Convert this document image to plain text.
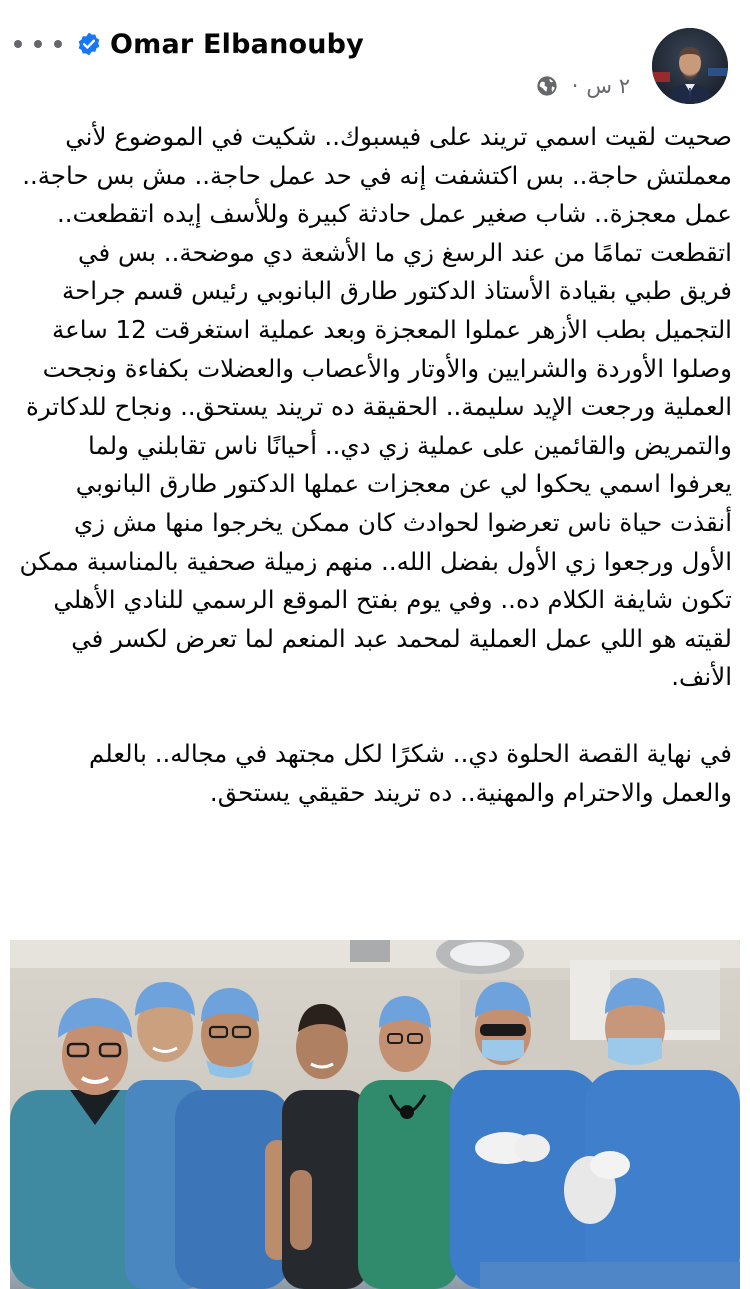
Omar Elbanouby
٢ س
·

صحيت لقيت اسمي تريند على فيسبوك.. شكيت في الموضوع لأني معملتش حاجة.. بس اكتشفت إنه في حد عمل حاجة.. مش بس حاجة.. عمل معجزة.. شاب صغير عمل حادثة كبيرة وللأسف إيده اتقطعت.. اتقطعت تمامًا من عند الرسغ زي ما الأشعة دي موضحة.. بس في فريق طبي بقيادة الأستاذ الدكتور طارق البانوبي رئيس قسم جراحة التجميل بطب الأزهر عملوا المعجزة وبعد عملية استغرقت 12 ساعة وصلوا الأوردة والشرايين والأوتار والأعصاب والعضلات بكفاءة ونجحت العملية ورجعت الإيد سليمة.. الحقيقة ده تريند يستحق.. ونجاح للدكاترة والتمريض والقائمين على عملية زي دي.. أحيانًا ناس تقابلني ولما يعرفوا اسمي يحكوا لي عن معجزات عملها الدكتور طارق البانوبي أنقذت حياة ناس تعرضوا لحوادث كان ممكن يخرجوا منها مش زي الأول ورجعوا زي الأول بفضل الله.. منهم زميلة صحفية بالمناسبة ممكن تكون شايفة الكلام ده.. وفي يوم بفتح الموقع الرسمي للنادي الأهلي لقيته هو اللي عمل العملية لمحمد عبد المنعم لما تعرض لكسر في الأنف.

في نهاية القصة الحلوة دي.. شكرًا لكل مجتهد في مجاله.. بالعلم والعمل والاحترام والمهنية.. ده تريند حقيقي يستحق.
